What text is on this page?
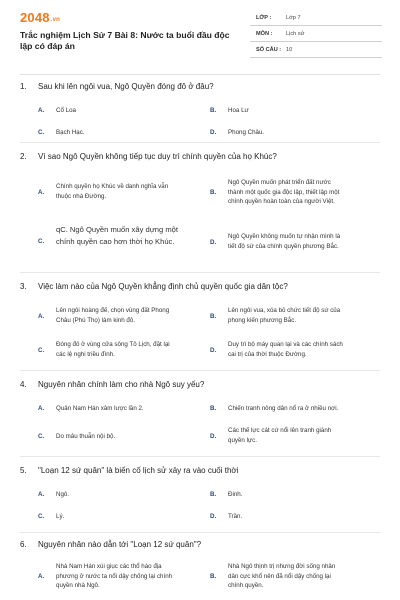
2048.vn
Trắc nghiệm Lịch Sử 7 Bài 8: Nước ta buổi đầu độc lập có đáp án
LỚP :	Lớp 7
MÔN : Lịch sử
SỐ CÂU : 10
1.	Sau khi lên ngôi vua, Ngô Quyền đóng đô ở đâu?
A. Cổ Loa	B. Hoa Lư
C. Bạch Hạc.	D. Phong Châu.
2.	Vì sao Ngô Quyền không tiếp tục duy trì chính quyền của họ Khúc?
A.
Chính quyền họ Khúc về danh nghĩa vẫn
thuộc nhà Đường.	B.
Ngô Quyền muốn phát triển đất nước
thành một quốc gia độc lập, thiết lập một
chính quyền hoàn toàn của người Việt.
C.
qC. Ngô Quyền muốn xây dựng một
chính quyền cao hơn thời họ Khúc.	D.
Ngô Quyền không muốn tự nhận mình là
tiết độ sứ của chính quyền phương Bắc.
3.	Việc làm nào của Ngô Quyền khẳng định chủ quyền quốc gia dân tộc?
A.
Lên ngôi hoàng đế, chọn vùng đất Phong
Châu (Phú Thọ) làm kinh đô.	B.
Lên ngôi vua, xóa bỏ chức tiết độ sứ của
phong kiến phương Bắc.
C.
Đóng đô ở vùng cửa sông Tô Lịch, đặt lại
các lệ nghi triều đình.	D.
Duy trì bộ máy quan lại và các chính sách
cai trị của thời thuộc Đường.
4.	Nguyên nhân chính làm cho nhà Ngô suy yếu?
A. Quân Nam Hán xâm lược lần 2.	B. Chiến tranh nông dân nổ ra ở nhiều nơi.
C. Do mâu thuẫn nội bộ.	D.
Các thế lực cát cứ nổi lên tranh giành
quyền lực.
5.	"Loạn 12 sứ quân" là biến cố lịch sử xảy ra vào cuối thời
A. Ngô.	B. Đinh.
C. Lý.	D. Trần.
6.	Nguyên nhân nào dẫn tới "Loạn 12 sứ quân"?
A.
Nhà Nam Hán xúi giục các thổ hào địa
phương ở nước ta nổi dậy chống lại chính
quyền nhà Ngô.
B.
Nhà Ngô thịnh trị nhưng đời sống nhân
dân cực khổ nên đã nổi dậy chống lại
chính quyền.
